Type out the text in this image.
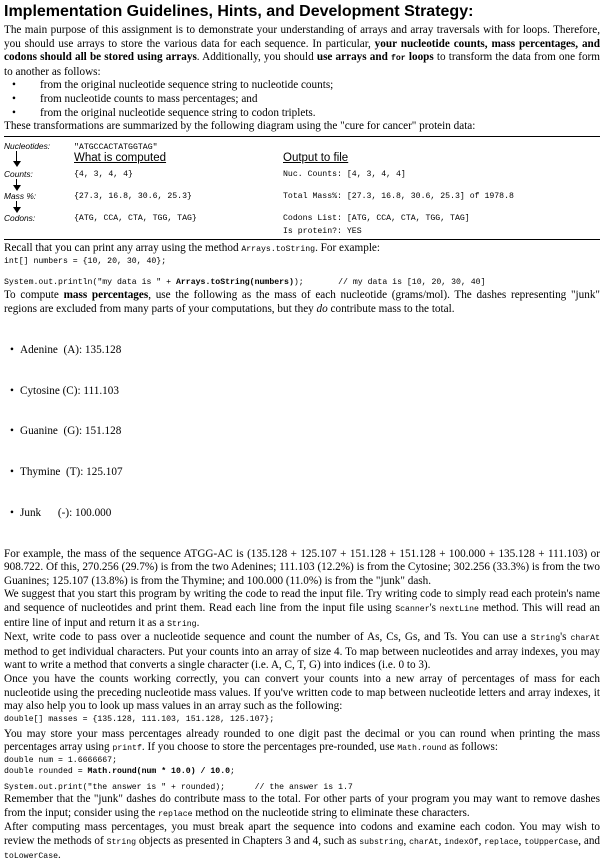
Implementation Guidelines, Hints, and Development Strategy:

The main purpose of this assignment is to demonstrate your understanding of arrays and array traversals with for loops. Therefore, you should use arrays to store the various data for each sequence. In particular, your nucleotide counts, mass percentages, and codons should all be stored using arrays. Additionally, you should use arrays and for loops to transform the data from one form to another as follows:

• from the original nucleotide sequence string to nucleotide counts;
• from nucleotide counts to mass percentages; and
• from the original nucleotide sequence string to codon triplets.

These transformations are summarized by the following diagram using the "cure for cancer" protein data:

Nucleotides:
Counts:
Mass %:
Codons:
"ATGCCACTATGGTAG"
What is computed	Output to file
{4, 3, 4, 4}
{27.3, 16.8, 30.6, 25.3}
{ATG, CCA, CTA, TGG, TAG}
Nuc. Counts: [4, 3, 4, 4]
Total Mass%: [27.3, 16.8, 30.6, 25.3] of 1978.8
Codons List: [ATG, CCA, CTA, TGG, TAG]
Is protein?: YES

Recall that you can print any array using the method Arrays.toString. For example:

int[] numbers = {10, 20, 30, 40};
System.out.println("my data is " + Arrays.toString(numbers));       // my data is [10, 20, 30, 40]

To compute mass percentages, use the following as the mass of each nucleotide (grams/mol). The dashes representing "junk" regions are excluded from many parts of your computations, but they do contribute mass to the total.

• Adenine  (A): 135.128

• Cytosine (C): 111.103

• Guanine  (G): 151.128

• Thymine  (T): 125.107

• Junk      (-): 100.000

For example, the mass of the sequence ATGG-AC is (135.128 + 125.107 + 151.128 + 151.128 + 100.000 + 135.128 + 111.103) or 908.722. Of this, 270.256 (29.7%) is from the two Adenines; 111.103 (12.2%) is from the Cytosine; 302.256 (33.3%) is from the two Guanines; 125.107 (13.8%) is from the Thymine; and 100.000 (11.0%) is from the "junk" dash.

We suggest that you start this program by writing the code to read the input file. Try writing code to simply read each protein's name and sequence of nucleotides and print them. Read each line from the input file using Scanner's nextLine method. This will read an entire line of input and return it as a String.

Next, write code to pass over a nucleotide sequence and count the number of As, Cs, Gs, and Ts. You can use a String's charAt method to get individual characters. Put your counts into an array of size 4. To map between nucleotides and array indexes, you may want to write a method that converts a single character (i.e. A, C, T, G) into indices (i.e. 0 to 3).

Once you have the counts working correctly, you can convert your counts into a new array of percentages of mass for each nucleotide using the preceding nucleotide mass values. If you've written code to map between nucleotide letters and array indexes, it may also help you to look up mass values in an array such as the following:

double[] masses = {135.128, 111.103, 151.128, 125.107};

You may store your mass percentages already rounded to one digit past the decimal or you can round when printing the mass percentages array using printf. If you choose to store the percentages pre-rounded, use Math.round as follows:

double num = 1.6666667;
double rounded = Math.round(num * 10.0) / 10.0;
System.out.print("the answer is " + rounded);      // the answer is 1.7

Remember that the "junk" dashes do contribute mass to the total. For other parts of your program you may want to remove dashes from the input; consider using the replace method on the nucleotide string to eliminate these characters.

After computing mass percentages, you must break apart the sequence into codons and examine each codon. You may wish to review the methods of String objects as presented in Chapters 3 and 4, such as substring, charAt, indexOf, replace, toUpperCase, and toLowerCase.
